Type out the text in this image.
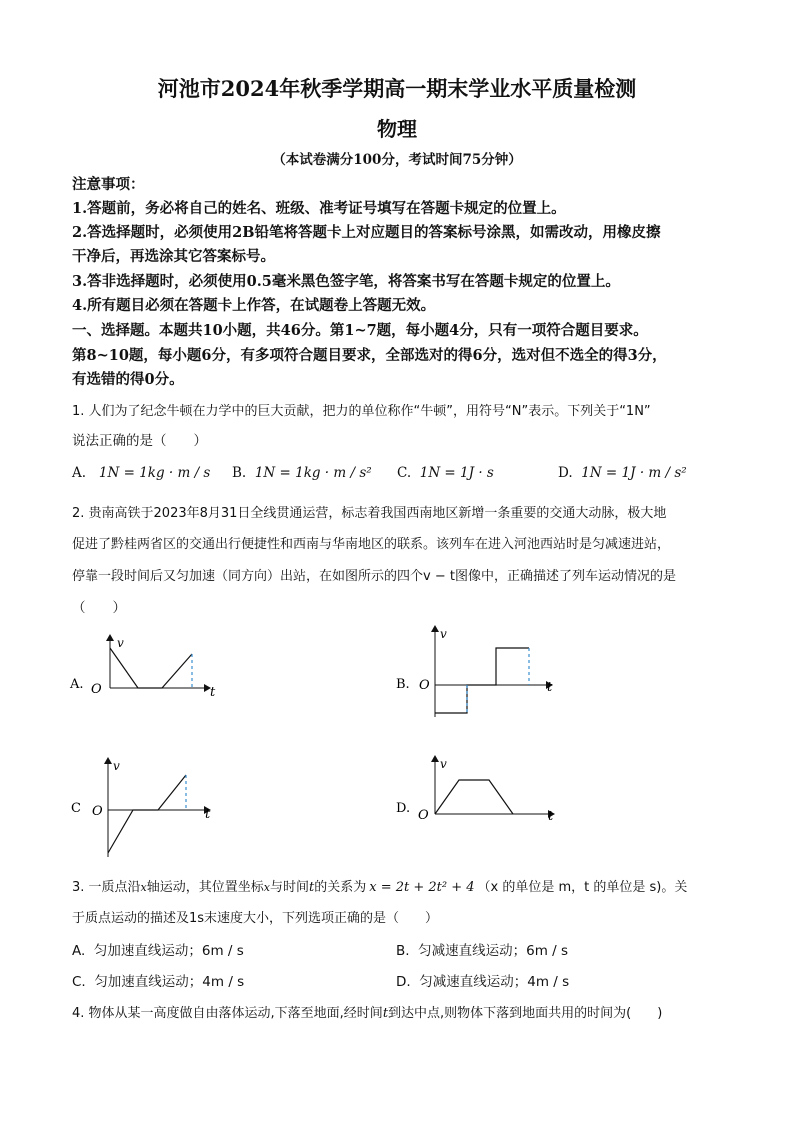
河池市2024年秋季学期高一期末学业水平质量检测
物理
（本试卷满分100分，考试时间75分钟）
注意事项：
1.答题前，务必将自己的姓名、班级、准考证号填写在答题卡规定的位置上。
2.答选择题时，必须使用2B铅笔将答题卡上对应题目的答案标号涂黑，如需改动，用橡皮擦
干净后，再选涂其它答案标号。
3.答非选择题时，必须使用0.5毫米黑色签字笔，将答案书写在答题卡规定的位置上。
4.所有题目必须在答题卡上作答，在试题卷上答题无效。
一、选择题。本题共10小题，共46分。第1~7题，每小题4分，只有一项符合题目要求。
第8~10题，每小题6分，有多项符合题目要求，全部选对的得6分，选对但不选全的得3分，
有选错的得0分。
1. 人们为了纪念牛顿在力学中的巨大贡献，把力的单位称作“牛顿”，用符号“N”表示。下列关于“1N”
说法正确的是（　　）
A. 1N = 1kg · m / s B. 1N = 1kg · m / s² C. 1N = 1J · s	D. 1N = 1J · m / s²
2. 贵南高铁于2023年8月31日全线贯通运营，标志着我国西南地区新增一条重要的交通大动脉，极大地
促进了黔桂两省区的交通出行便捷性和西南与华南地区的联系。该列车在进入河池西站时是匀减速进站，
停靠一段时间后又匀加速（同方向）出站，在如图所示的四个v − t图像中，正确描述了列车运动情况的是
（　　）
A.
v
t
O	B.
v
t
O
C
v
t
O	D.
v
t
O
3. 一质点沿x轴运动，其位置坐标x与时间t的关系为 x = 2t + 2t² + 4 （x 的单位是 m，t 的单位是 s)。关
于质点运动的描述及1s末速度大小，下列选项正确的是（　　）
A. 匀加速直线运动；6m / s	B. 匀减速直线运动；6m / s
C. 匀加速直线运动；4m / s	D. 匀减速直线运动；4m / s
4. 物体从某一高度做自由落体运动,下落至地面,经时间t到达中点,则物体下落到地面共用的时间为(　　)
